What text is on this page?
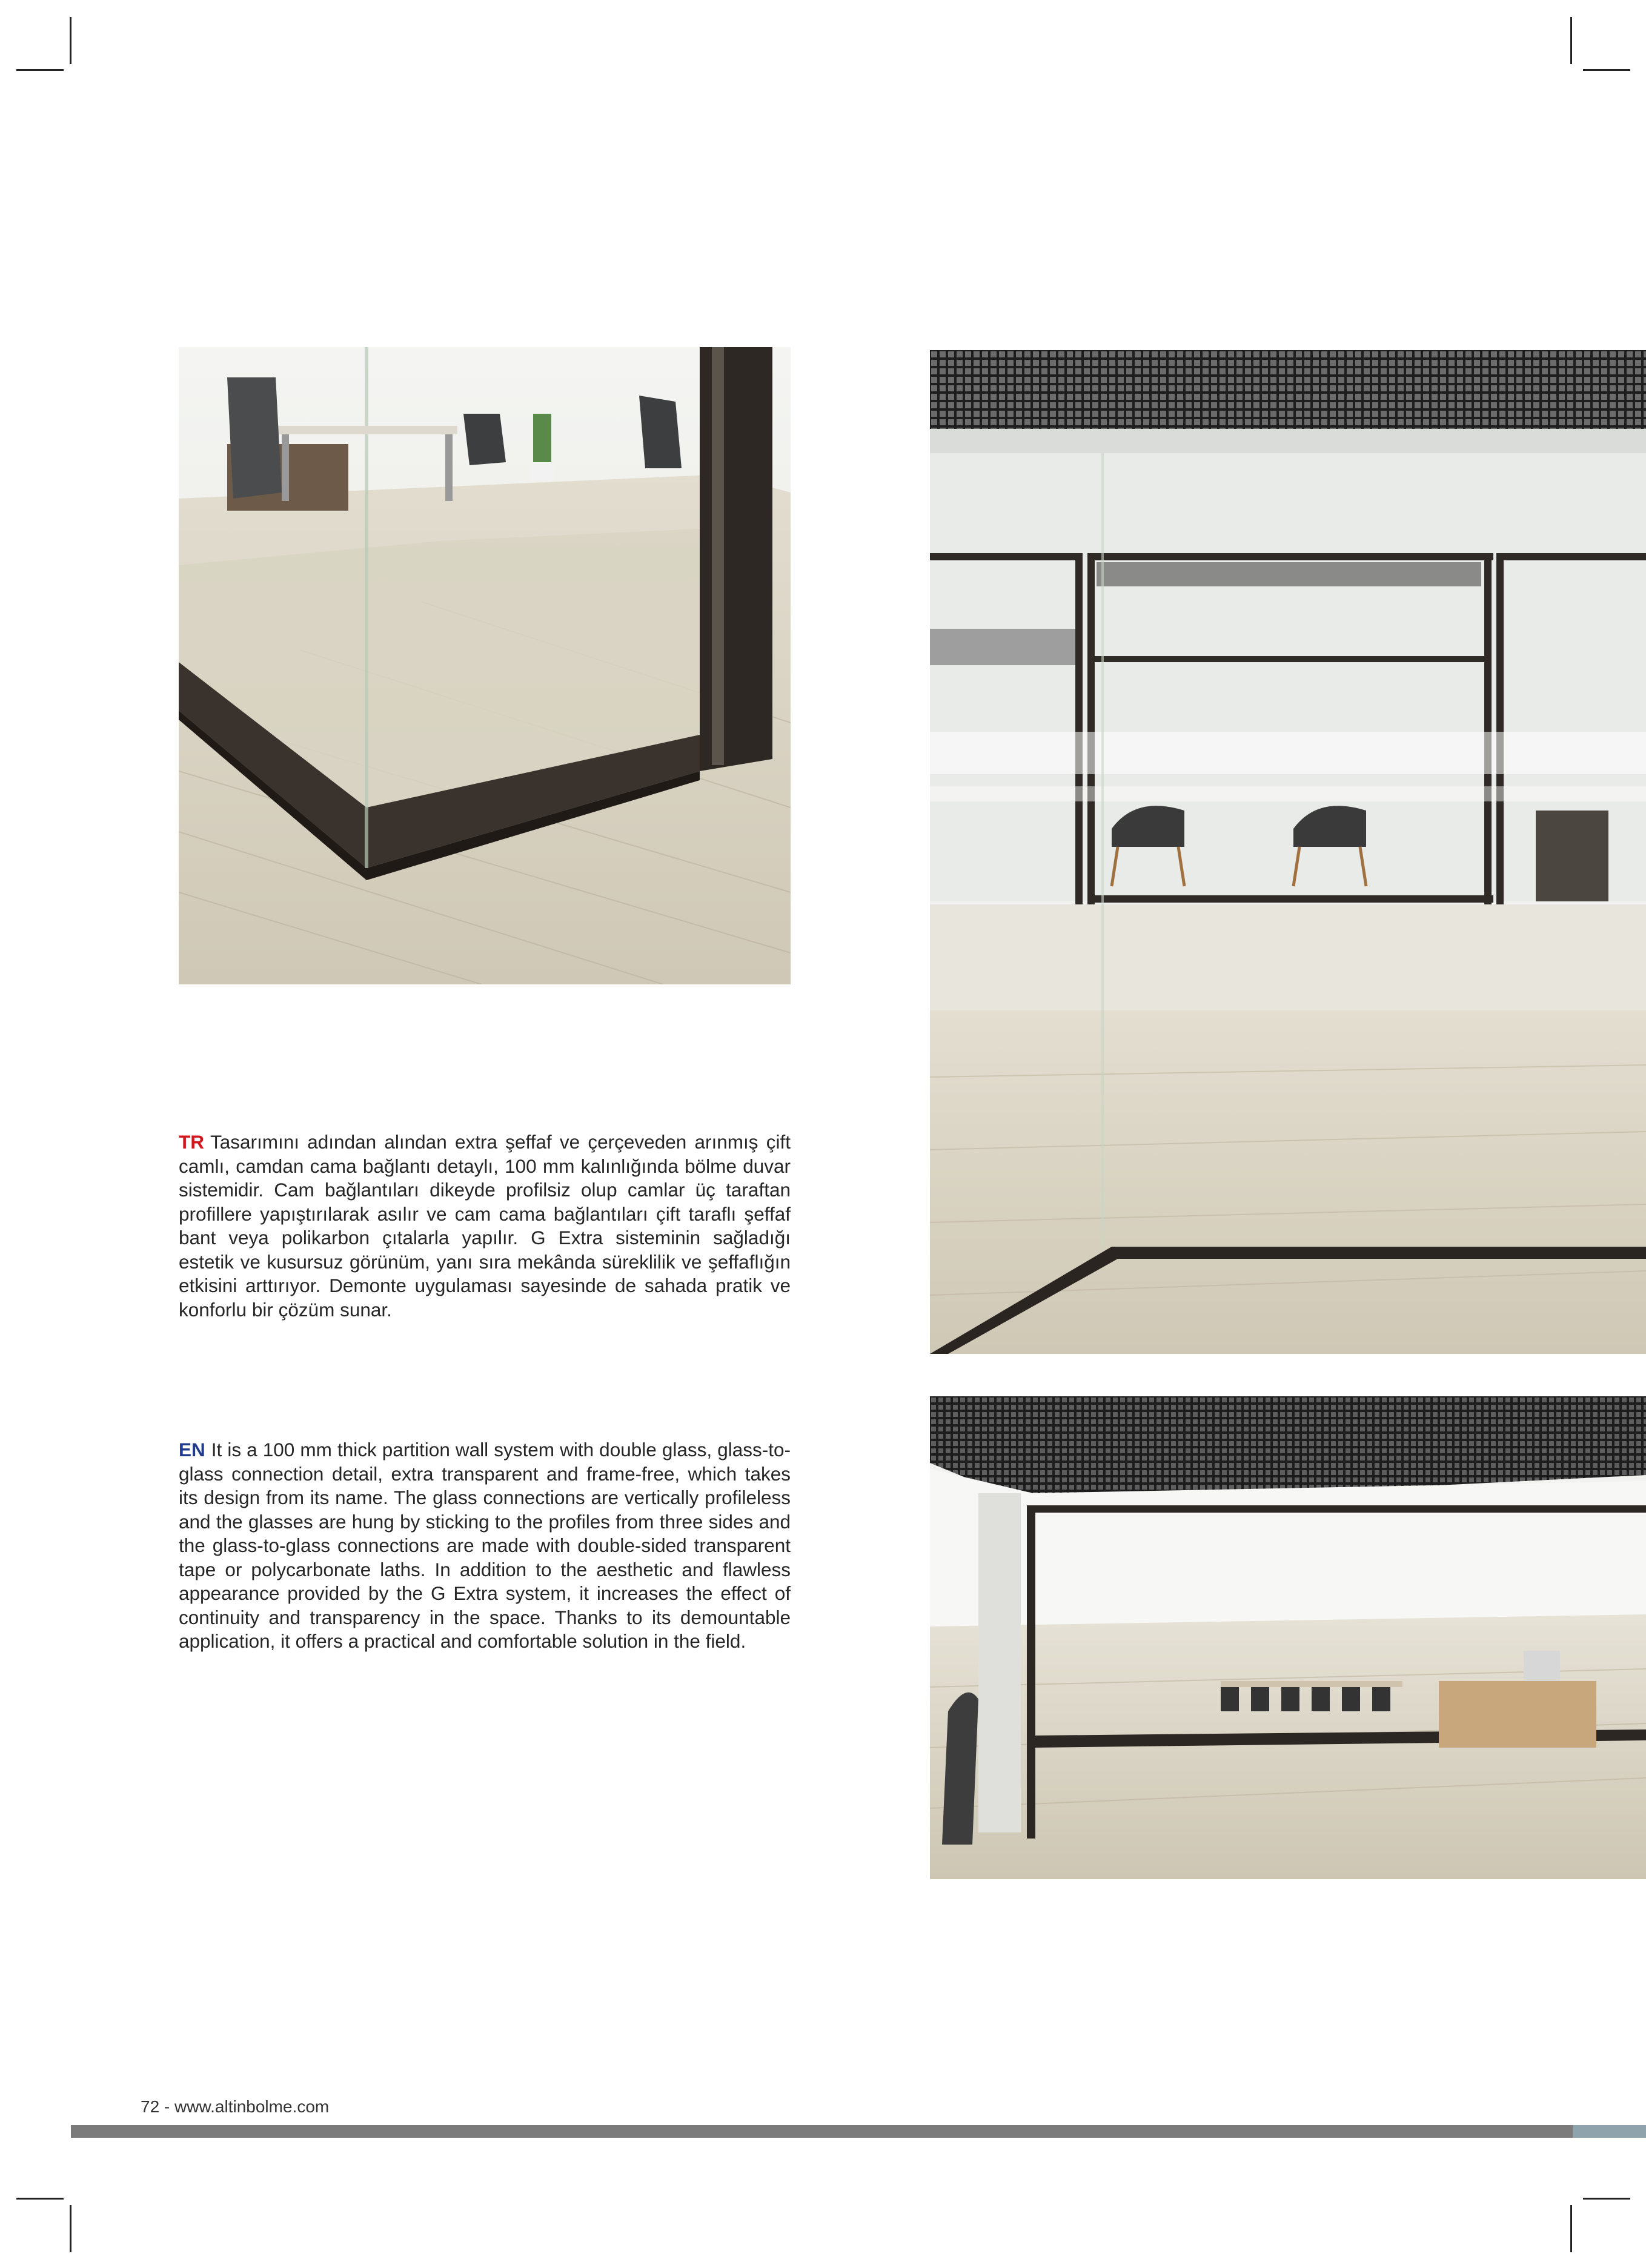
TR Tasarımını adından alından extra şeffaf ve çerçeveden arınmış çift camlı, camdan cama bağlantı detaylı, 100 mm kalınlığında bölme duvar sistemidir. Cam bağlantıları dikeyde profilsiz olup camlar üç taraftan profillere yapıştırılarak asılır ve cam cama bağlantıları çift taraflı şeffaf bant veya polikarbon çıtalarla yapılır. G Extra sisteminin sağladığı estetik ve kusursuz görünüm, yanı sıra mekânda süreklilik ve şeffaflığın etkisini arttırıyor. Demonte uygulaması sayesinde de sahada pratik ve konforlu bir çözüm sunar.
EN It is a 100 mm thick partition wall system with double glass, glass-to-glass connection detail, extra transparent and frame-free, which takes its design from its name. The glass connections are vertically profileless and the glasses are hung by sticking to the profiles from three sides and the glass-to-glass connections are made with double-sided transparent tape or polycarbonate laths. In addition to the aesthetic and flawless appearance provided by the G Extra system, it increases the effect of continuity and transparency in the space. Thanks to its demountable application, it offers a practical and comfortable solution in the field.
72 - www.altinbolme.com
